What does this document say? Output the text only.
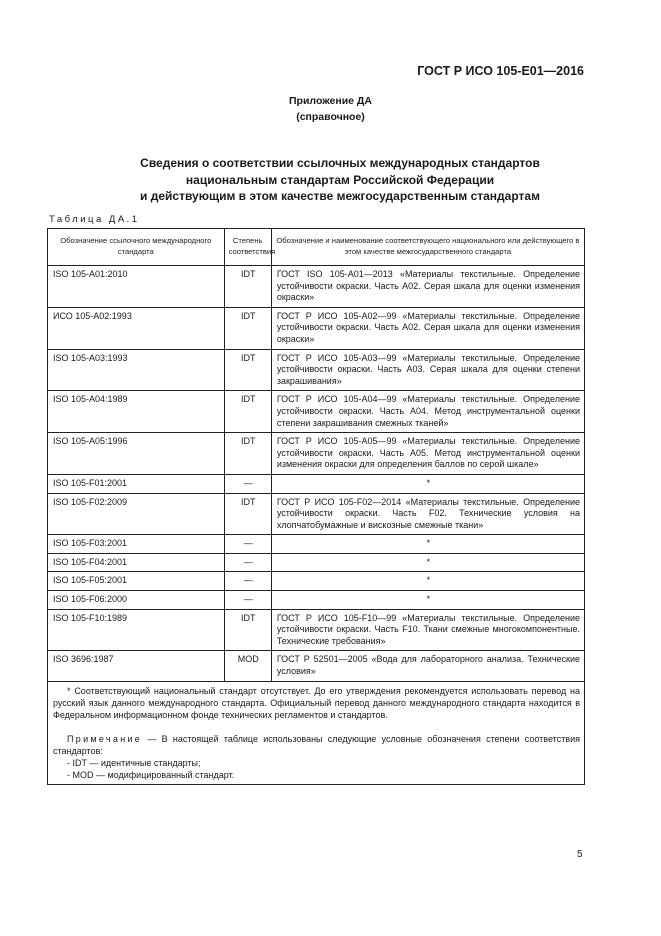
ГОСТ Р ИСО 105-Е01—2016
Приложение ДА
(справочное)
Сведения о соответствии ссылочных международных стандартов
национальным стандартам Российской Федерации
и действующим в этом качестве межгосударственным стандартам
Таблица ДА.1
Обозначение ссылочного международного стандарта	Степень соответствия	Обозначение и наименование соответствующего национального или действующего в этом качестве межгосударственного стандарта
ISO 105-A01:2010	IDT	ГОСТ ISO 105-A01—2013 «Материалы текстильные. Определение устойчивости окраски. Часть A02. Серая шкала для оценки изменения окраски»
ИСО 105-A02:1993	IDT	ГОСТ Р ИСО 105-A02—99 «Материалы текстильные. Определение устойчивости окраски. Часть A02. Серая шкала для оценки изменения окраски»
ISO 105-A03:1993	IDT	ГОСТ Р ИСО 105-A03—99 «Материалы текстильные. Определение устойчивости окраски. Часть A03. Серая шкала для оценки степени закрашивания»
ISO 105-A04:1989	IDT	ГОСТ Р ИСО 105-A04—99 «Материалы текстильные. Определение устойчивости окраски. Часть A04. Метод инструментальной оценки степени закрашивания смежных тканей»
ISO 105-A05:1996	IDT	ГОСТ Р ИСО 105-A05—99 «Материалы текстильные. Определение устойчивости окраски. Часть A05. Метод инструментальной оценки изменения окраски для определения баллов по серой шкале»
ISO 105-F01:2001	—	*
ISO 105-F02:2009	IDT	ГОСТ Р ИСО 105-F02—2014 «Материалы текстильные. Определение устойчивости окраски. Часть F02. Технические условия на хлопчатобумажные и вискозные смежные ткани»
ISO 105-F03:2001	—	*
ISO 105-F04:2001	—	*
ISO 105-F05:2001	—	*
ISO 105-F06:2000	—	*
ISO 105-F10:1989	IDT	ГОСТ Р ИСО 105-F10—99 «Материалы текстильные. Определение устойчивости окраски. Часть F10. Ткани смежные многокомпонентные. Технические требования»
ISO 3696:1987	MOD	ГОСТ Р 52501—2005 «Вода для лабораторного анализа. Технические условия»

* Соответствующий национальный стандарт отсутствует. До его утверждения рекомендуется использовать перевод на русский язык данного международного стандарта. Официальный перевод данного международного стандарта находится в Федеральном информационном фонде технических регламентов и стандартов.

Примечание — В настоящей таблице использованы следующие условные обозначения степени соответствия стандартов:

- IDT — идентичные стандарты;

- MOD — модифицированный стандарт.		

5
